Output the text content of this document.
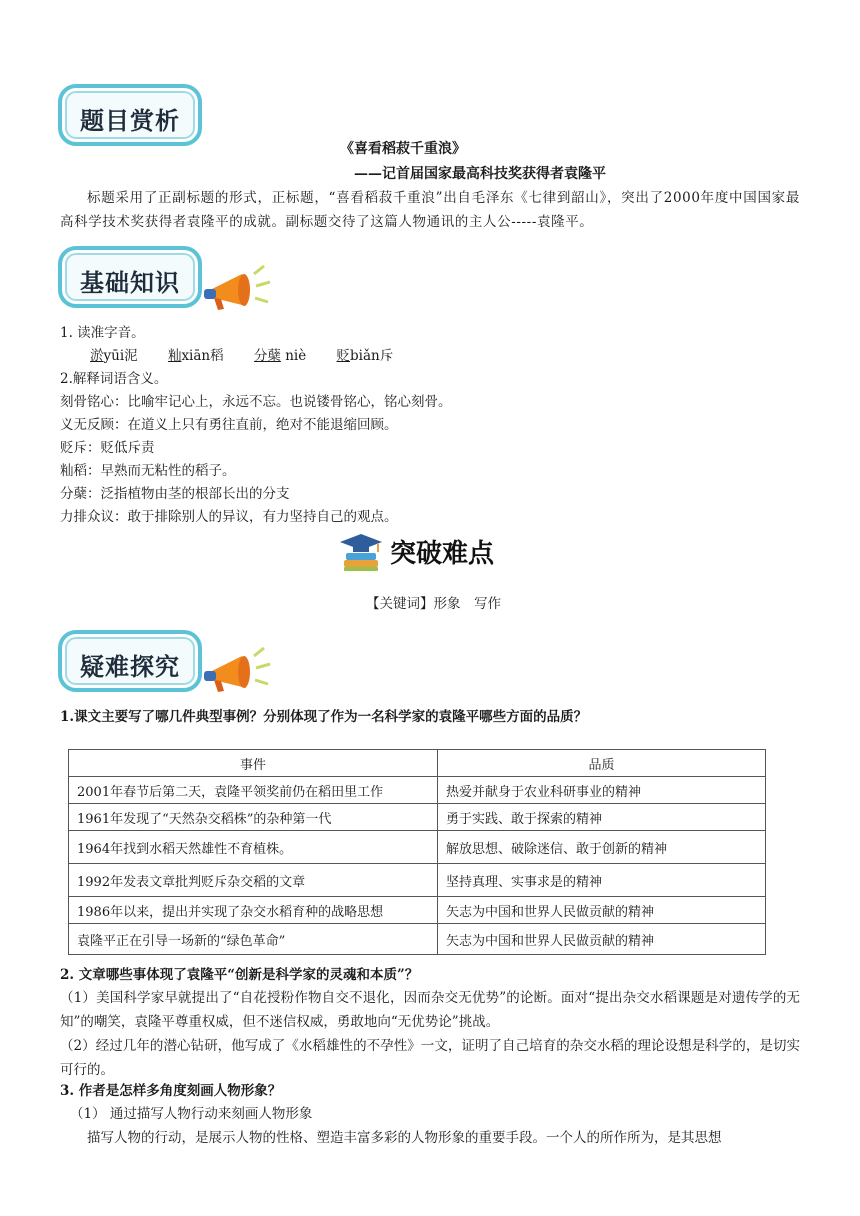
题目赏析
《喜看稻菽千重浪》
——记首届国家最高科技奖获得者袁隆平
标题采用了正副标题的形式，正标题，“喜看稻菽千重浪”出自毛泽东《七律到韶山》，突出了2000年度中国国家最高科学技术奖获得者袁隆平的成就。副标题交待了这篇人物通讯的主人公-----袁隆平。
基础知识
1. 读准字音。
淤yūi泥 籼xiān稻 分蘖 niè 贬biǎn斥
2.解释词语含义。
刻骨铭心：比喻牢记心上，永远不忘。也说镂骨铭心，铭心刻骨。
义无反顾：在道义上只有勇往直前，绝对不能退缩回顾。
贬斥：贬低斥责
籼稻：早熟而无粘性的稻子。
分蘖：泛指植物由茎的根部长出的分支
力排众议：敢于排除别人的异议，有力坚持自己的观点。
突破难点
【关键词】形象　写作
疑难探究
1.课文主要写了哪几件典型事例？分别体现了作为一名科学家的袁隆平哪些方面的品质？
事件	品质
2001年春节后第二天，袁隆平领奖前仍在稻田里工作	热爱并献身于农业科研事业的精神
1961年发现了“天然杂交稻株”的杂种第一代	勇于实践、敢于探索的精神
1964年找到水稻天然雄性不育植株。	解放思想、破除迷信、敢于创新的精神
1992年发表文章批判贬斥杂交稻的文章	坚持真理、实事求是的精神
1986年以来，提出并实现了杂交水稻育种的战略思想	矢志为中国和世界人民做贡献的精神
袁隆平正在引导一场新的“绿色革命”	矢志为中国和世界人民做贡献的精神
2. 文章哪些事体现了袁隆平“创新是科学家的灵魂和本质”？
（1）美国科学家早就提出了“自花授粉作物自交不退化，因而杂交无优势”的论断。面对“提出杂交水稻课题是对遗传学的无知”的嘲笑，袁隆平尊重权威，但不迷信权威，勇敢地向“无优势论”挑战。
（2）经过几年的潜心钻研，他写成了《水稻雄性的不孕性》一文，证明了自己培育的杂交水稻的理论设想是科学的，是切实可行的。
3. 作者是怎样多角度刻画人物形象？
（1） 通过描写人物行动来刻画人物形象
描写人物的行动，是展示人物的性格、塑造丰富多彩的人物形象的重要手段。一个人的所作所为，是其思想
